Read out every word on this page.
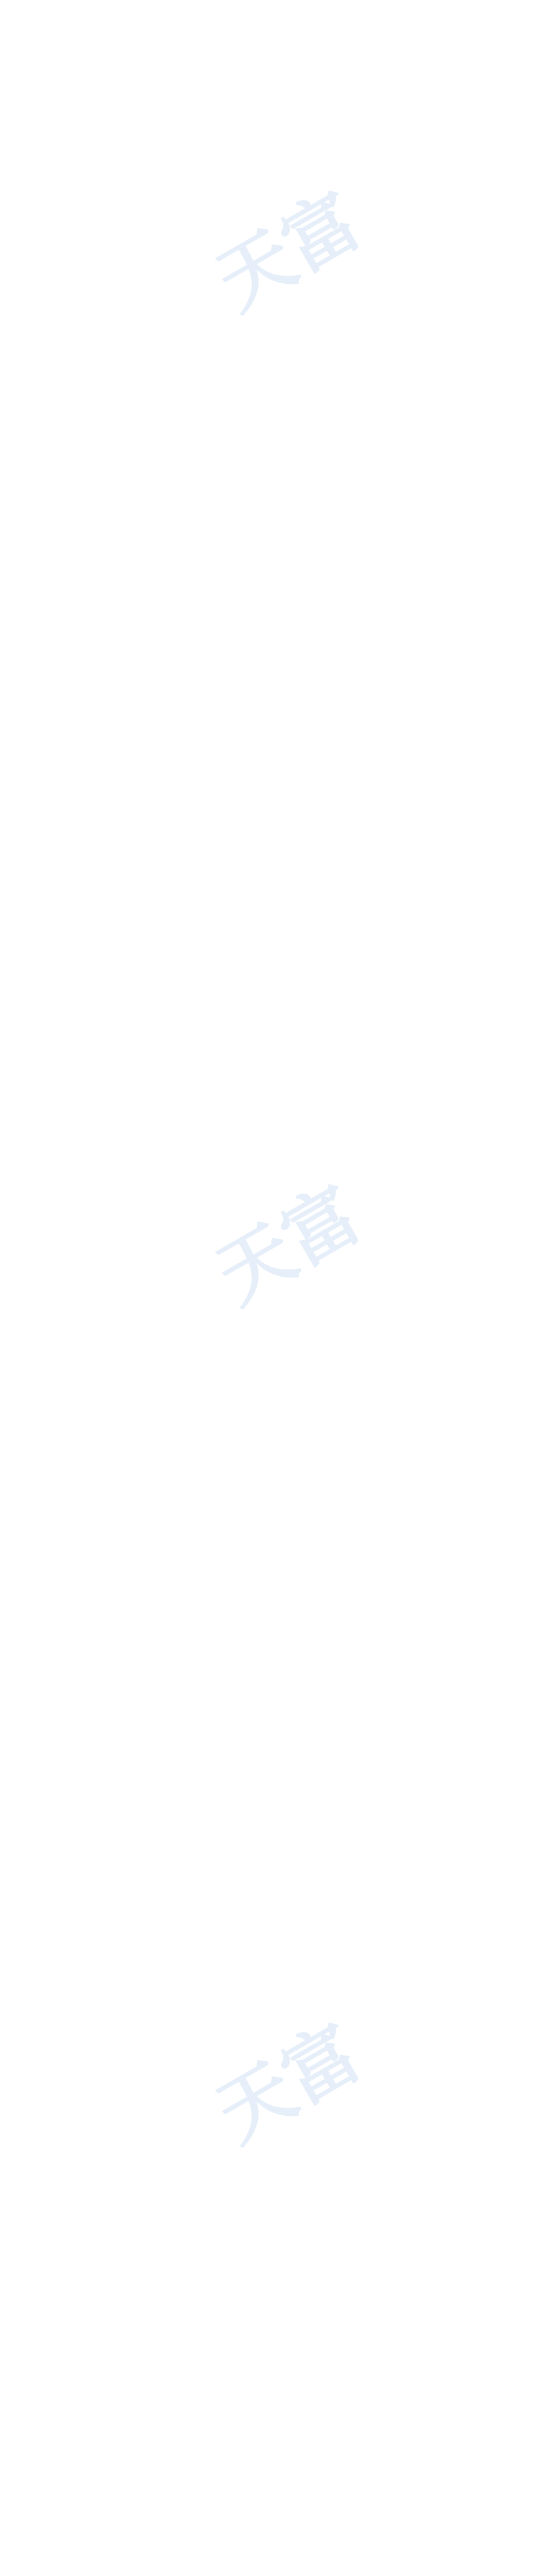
天富
天富
天富
